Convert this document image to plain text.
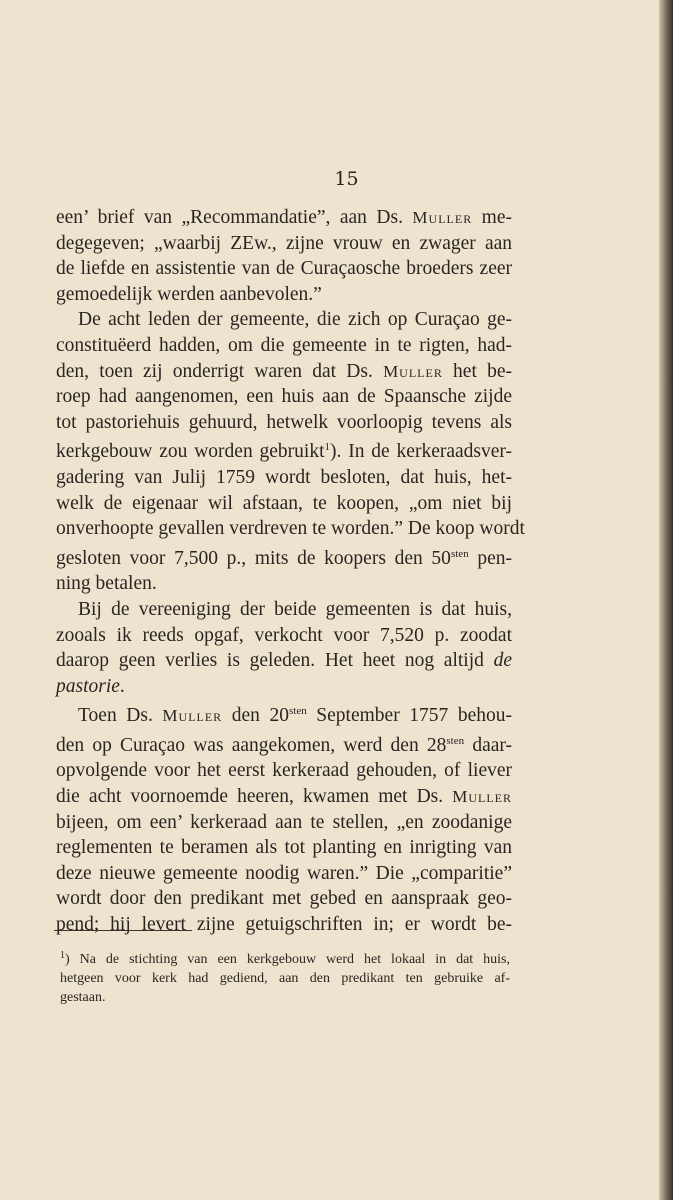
15
een’ brief van „Recommandatie”, aan Ds. Muller me-
degegeven; „waarbij ZEw., zijne vrouw en zwager aan
de liefde en assistentie van de Curaçaosche broeders zeer
gemoedelijk werden aanbevolen.”
De acht leden der gemeente, die zich op Curaçao ge-
constituëerd hadden, om die gemeente in te rigten, had-
den, toen zij onderrigt waren dat Ds. Muller het be-
roep had aangenomen, een huis aan de Spaansche zijde
tot pastoriehuis gehuurd, hetwelk voorloopig tevens als
kerkgebouw zou worden gebruikt$^1$). In de kerkeraadsver-
gadering van Julij 1759 wordt besloten, dat huis, het-
welk de eigenaar wil afstaan, te koopen, „om niet bij
onverhoopte gevallen verdreven te worden.” De koop wordt
gesloten voor 7,500 p., mits de koopers den $50^{sten}$ pen-
ning betalen.
Bij de vereeniging der beide gemeenten is dat huis,
zooals ik reeds opgaf, verkocht voor 7,520 p. zoodat
daarop geen verlies is geleden. Het heet nog altijd de
pastorie.
Toen Ds. Muller den $20^{sten}$ September 1757 behou-
den op Curaçao was aangekomen, werd den $28^{sten}$ daar-
opvolgende voor het eerst kerkeraad gehouden, of liever
die acht voornoemde heeren, kwamen met Ds. Muller
bijeen, om een’ kerkeraad aan te stellen, „en zoodanige
reglementen te beramen als tot planting en inrigting van
deze nieuwe gemeente noodig waren.” Die „comparitie”
wordt door den predikant met gebed en aanspraak geo-
pend; hij levert zijne getuigschriften in; er wordt be-
$^1$) Na de stichting van een kerkgebouw werd het lokaal in dat huis,
hetgeen voor kerk had gediend, aan den predikant ten gebruike af-
gestaan.
